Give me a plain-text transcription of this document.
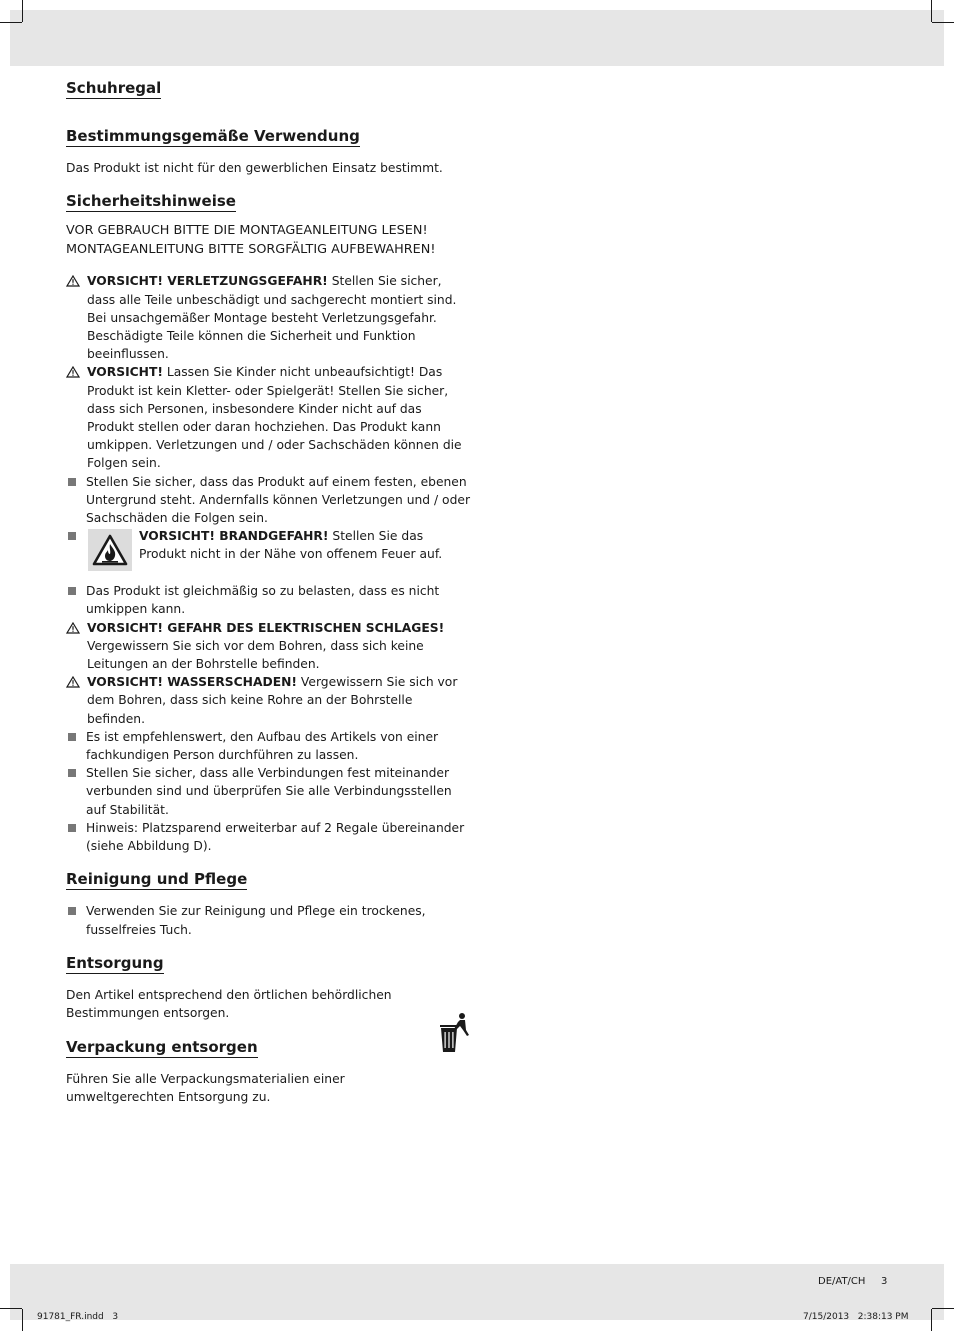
Schuhregal
Bestimmungsgemäße Verwendung

Das Produkt ist nicht für den gewerblichen Einsatz bestimmt.

Sicherheitshinweise

VOR GEBRAUCH BITTE DIE MONTAGEANLEITUNG LESEN!

MONTAGEANLEITUNG BITTE SORGFÄLTIG AUFBEWAHREN!

VORSICHT! VERLETZUNGSGEFAHR! Stellen Sie sicher, dass alle Teile unbeschädigt und sachgerecht montiert sind. Bei unsachgemäßer Montage besteht Verletzungsgefahr. Beschädigte Teile können die Sicherheit und Funktion beeinflussen.
VORSICHT! Lassen Sie Kinder nicht unbeaufsichtigt! Das Produkt ist kein Kletter- oder Spielgerät! Stellen Sie sicher, dass sich Personen, insbesondere Kinder nicht auf das Produkt stellen oder daran hochziehen. Das Produkt kann umkippen. Verletzungen und / oder Sachschäden können die Folgen sein.
Stellen Sie sicher, dass das Produkt auf einem festen, ebenen Untergrund steht. Andernfalls können Verletzungen und / oder Sachschäden die Folgen sein.
VORSICHT! BRANDGEFAHR! Stellen Sie das Produkt nicht in der Nähe von offenem Feuer auf.
Das Produkt ist gleichmäßig so zu belasten, dass es nicht umkippen kann.
VORSICHT! GEFAHR DES ELEKTRISCHEN SCHLAGES! Vergewissern Sie sich vor dem Bohren, dass sich keine Leitungen an der Bohrstelle befinden.
VORSICHT! WASSERSCHADEN! Vergewissern Sie sich vor dem Bohren, dass sich keine Rohre an der Bohrstelle befinden.
Es ist empfehlenswert, den Aufbau des Artikels von einer fachkundigen Person durchführen zu lassen.
Stellen Sie sicher, dass alle Verbindungen fest miteinander verbunden sind und überprüfen Sie alle Verbindungsstellen auf Stabilität.
Hinweis: Platzsparend erweiterbar auf 2 Regale übereinander (siehe Abbildung D).
Reinigung und Pflege
Verwenden Sie zur Reinigung und Pflege ein trockenes, fusselfreies Tuch.
Entsorgung

Den Artikel entsprechend den örtlichen behördlichen Bestimmungen entsorgen.

Verpackung entsorgen

Führen Sie alle Verpackungsmaterialien einer umweltgerechten Entsorgung zu.

DE/AT/CH 3
91781_FR.indd   3	7/15/2013   2:38:13 PM
